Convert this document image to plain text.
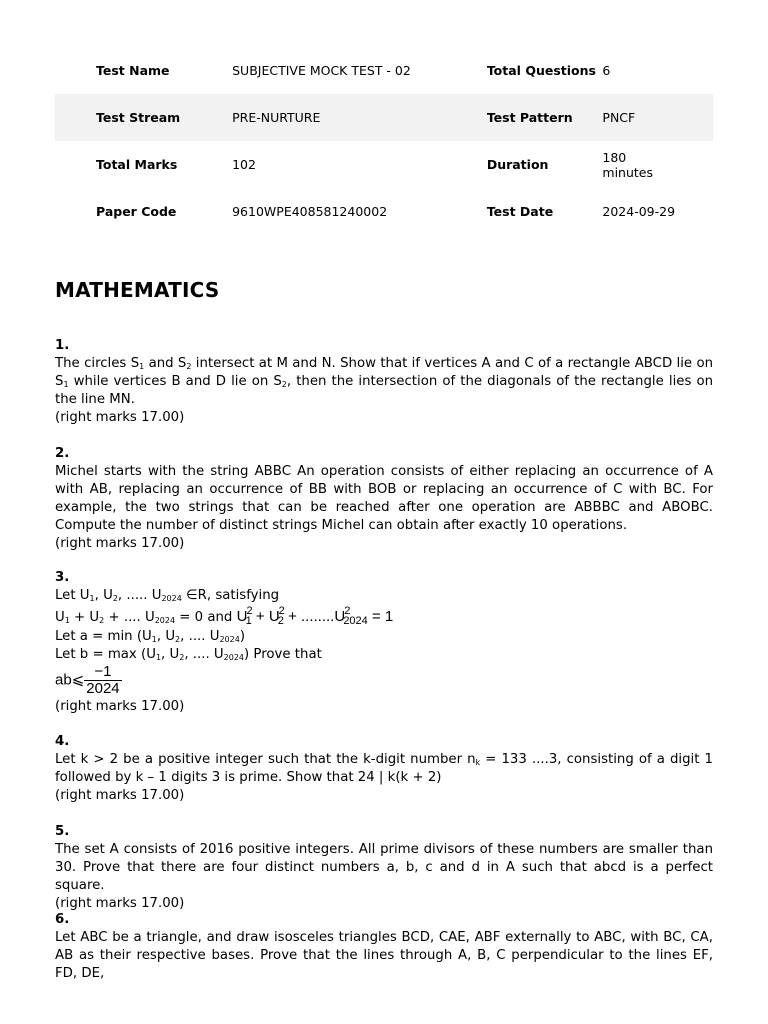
Test Name	SUBJECTIVE MOCK TEST - 02	Total Questions	6
Test Stream	PRE-NURTURE	Test Pattern	PNCF
Total Marks	102	Duration	180 minutes
Paper Code	9610WPE408581240002	Test Date	2024-09-29
MATHEMATICS
1.
The circles $S_1$ and $S_2$ intersect at M and N. Show that if vertices A and C of a rectangle ABCD lie on $S_1$ while vertices B and D lie on $S_2$, then the intersection of the diagonals of the rectangle lies on the line MN.
(right marks 17.00)
2.
Michel starts with the string ABBC An operation consists of either replacing an occurrence of A with AB, replacing an occurrence of BB with BOB or replacing an occurrence of C with BC. For example, the two strings that can be reached after one operation are ABBBC and ABOBC. Compute the number of distinct strings Michel can obtain after exactly 10 operations.
(right marks 17.00)
3.
Let $U_1$, $U_2$, ..... $U_{2024}$ ∈R, satisfying
$U_1 + U_2$ + .... $U_{2024} = 0$ and $U^2_1 + U^2_2 + ........U^2_{2024} = 1$
Let $a = \min (U_1$, $U_2$, .... $U_{2024}$)
Let $b = \max (U_1$, $U_2$, .... $U_{2024}$) Prove that
ab⩽ $\frac{-1}{2024}$
(right marks 17.00)
4.
Let k > 2 be a positive integer such that the k-digit number $n_k = 133$ ....3, consisting of a digit 1 followed by k – 1 digits 3 is prime. Show that 24 | k(k + 2)
(right marks 17.00)
5.
The set A consists of 2016 positive integers. All prime divisors of these numbers are smaller than 30. Prove that there are four distinct numbers a, b, c and d in A such that abcd is a perfect square.
(right marks 17.00)
6.
Let ABC be a triangle, and draw isosceles triangles BCD, CAE, ABF externally to ABC, with BC, CA, AB as their respective bases. Prove that the lines through A, B, C perpendicular to the lines EF, FD, DE,
